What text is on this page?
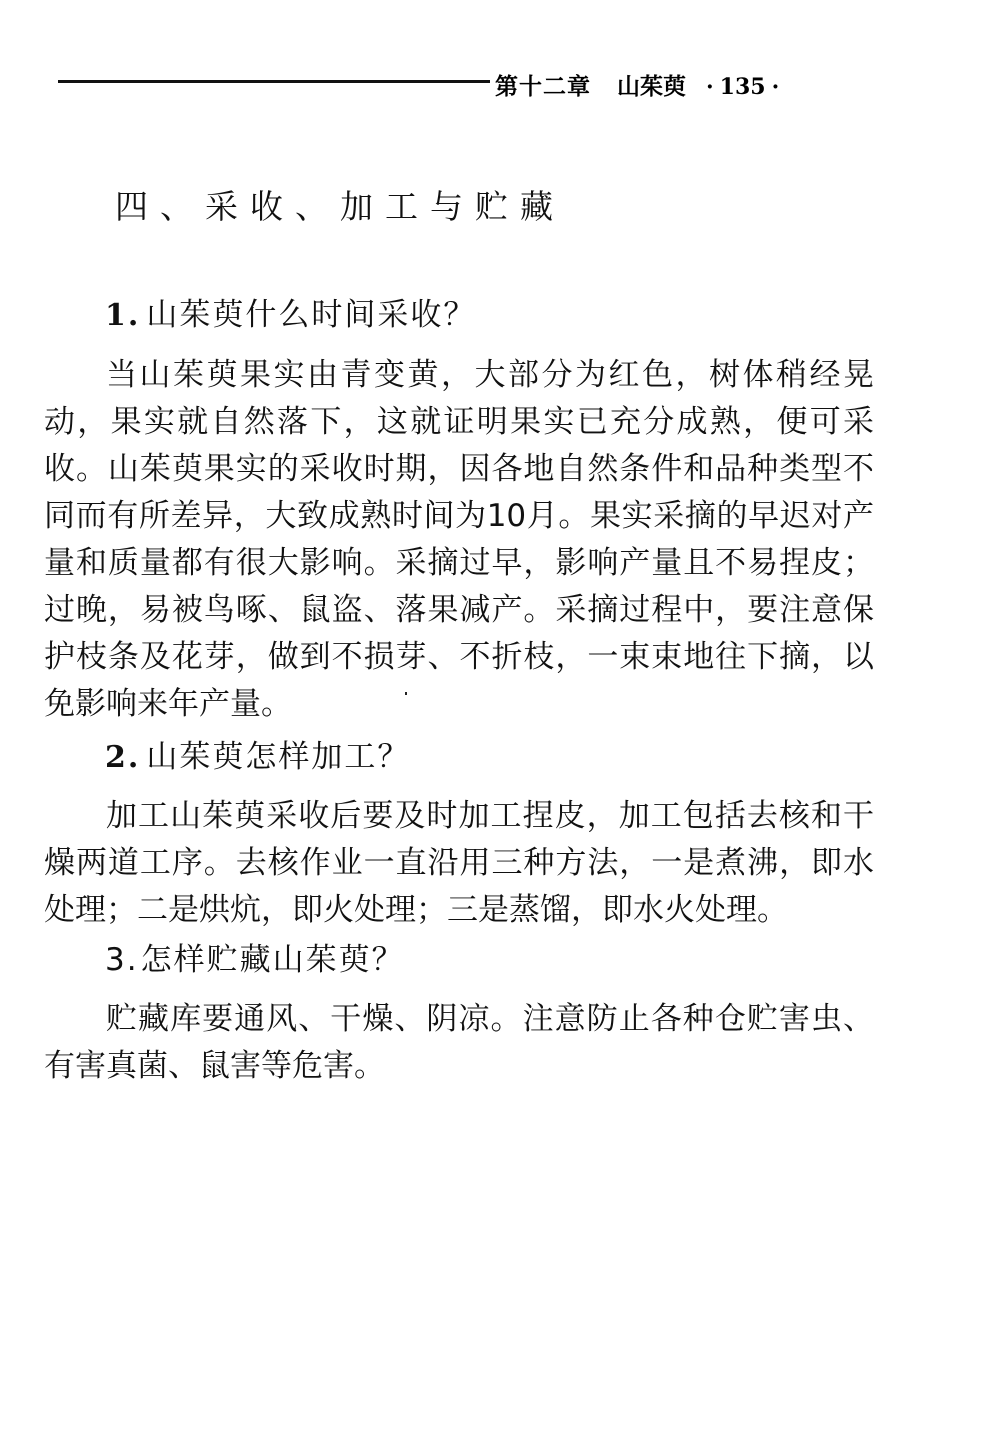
第十二章 山茱萸 · 135 ·
四、采收、加工与贮藏
1. 山茱萸什么时间采收？
当山茱萸果实由青变黄，大部分为红色，树体稍经晃动，果实就自然落下，这就证明果实已充分成熟，便可采收。山茱萸果实的采收时期，因各地自然条件和品种类型不同而有所差异，大致成熟时间为10月。果实采摘的早迟对产量和质量都有很大影响。采摘过早，影响产量且不易捏皮；过晚，易被鸟啄、鼠盗、落果减产。采摘过程中，要注意保护枝条及花芽，做到不损芽、不折枝，一束束地往下摘，以免影响来年产量。
2. 山茱萸怎样加工？
加工山茱萸采收后要及时加工捏皮，加工包括去核和干燥两道工序。去核作业一直沿用三种方法，一是煮沸，即水处理；二是烘炕，即火处理；三是蒸馏，即水火处理。
3.怎样贮藏山茱萸？
贮藏库要通风、干燥、阴凉。注意防止各种仓贮害虫、有害真菌、鼠害等危害。
